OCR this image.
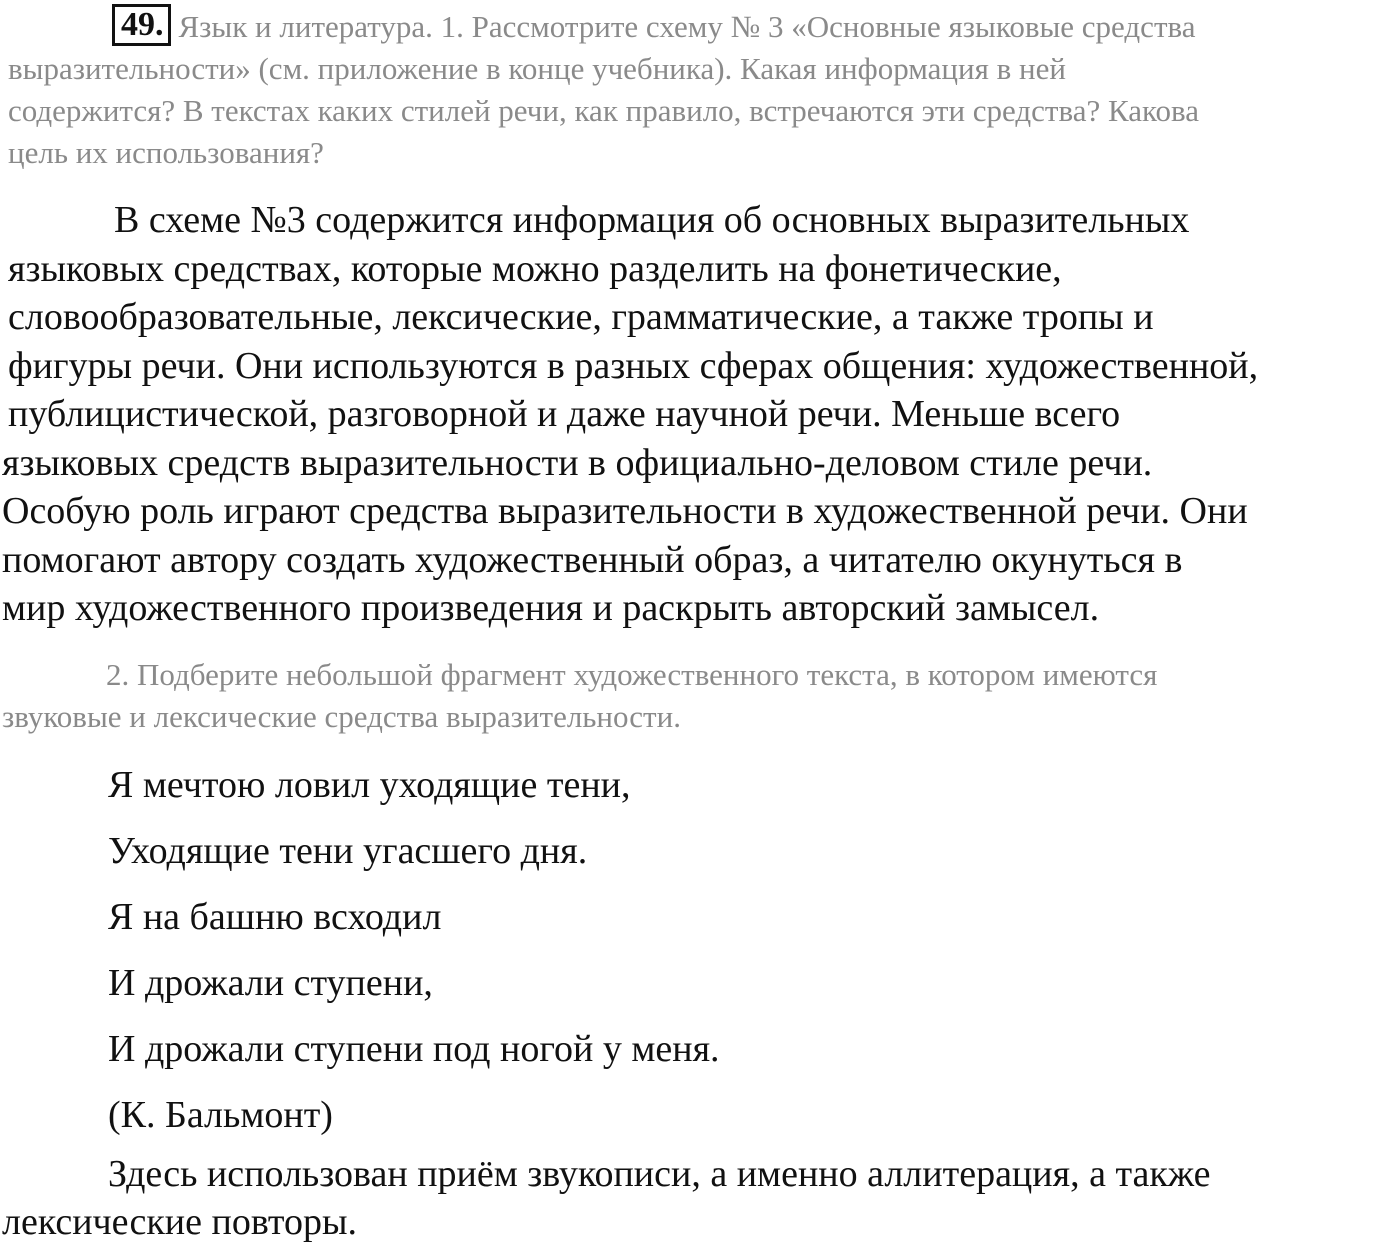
49. Язык и литература. 1. Рассмотрите схему № 3 «Основные языковые средства
выразительности» (см. приложение в конце учебника). Какая информация в ней
содержится? В текстах каких стилей речи, как правило, встречаются эти средства? Какова
цель их использования?
В схеме №3 содержится информация об основных выразительных
языковых средствах, которые можно разделить на фонетические,
словообразовательные, лексические, грамматические, а также тропы и
фигуры речи. Они используются в разных сферах общения: художественной,
публицистической, разговорной и даже научной речи. Меньше всего
языковых средств выразительности в официально-деловом стиле речи.
Особую роль играют средства выразительности в художественной речи. Они
помогают автору создать художественный образ, а читателю окунуться в
мир художественного произведения и раскрыть авторский замысел.
2. Подберите небольшой фрагмент художественного текста, в котором имеются
звуковые и лексические средства выразительности.
Я мечтою ловил уходящие тени,
Уходящие тени угасшего дня.
Я на башню всходил
И дрожали ступени,
И дрожали ступени под ногой у меня.
(К. Бальмонт)
Здесь использован приём звукописи, а именно аллитерация, а также
лексические повторы.
